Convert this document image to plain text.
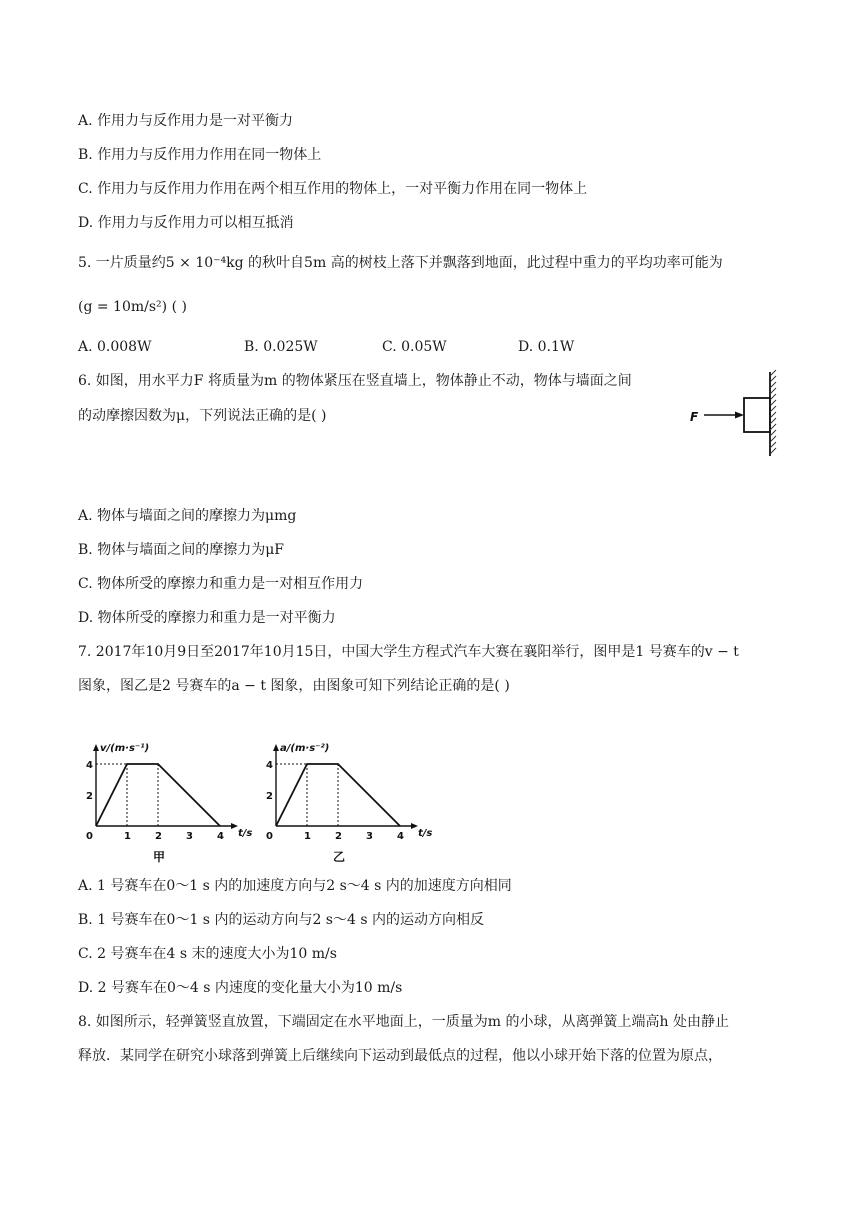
A. 作用力与反作用力是一对平衡力
B. 作用力与反作用力作用在同一物体上
C. 作用力与反作用力作用在两个相互作用的物体上，一对平衡力作用在同一物体上
D. 作用力与反作用力可以相互抵消
5. 一片质量约5 × 10⁻⁴kg 的秋叶自5m 高的树枝上落下并飘落到地面，此过程中重力的平均功率可能为
(g = 10m/s²) ( )
A. 0.008W	B. 0.025W	C. 0.05W	D. 0.1W
6. 如图，用水平力F 将质量为m 的物体紧压在竖直墙上，物体静止不动，物体与墙面之间
的动摩擦因数为μ，下列说法正确的是( )	F
A. 物体与墙面之间的摩擦力为μmg
B. 物体与墙面之间的摩擦力为μF
C. 物体所受的摩擦力和重力是一对相互作用力
D. 物体所受的摩擦力和重力是一对平衡力
7. 2017年10月9日至2017年10月15日，中国大学生方程式汽车大赛在襄阳举行，图甲是1 号赛车的v − t
图象，图乙是2 号赛车的a − t 图象，由图象可知下列结论正确的是( )
0	1 2 3 4
2
4
v/(m·s⁻¹)
t/s
甲
0	1 2 3 4
2
4
a/(m·s⁻²)
t/s
乙
A. 1 号赛车在0～1 s 内的加速度方向与2 s～4 s 内的加速度方向相同
B. 1 号赛车在0～1 s 内的运动方向与2 s～4 s 内的运动方向相反
C. 2 号赛车在4 s 末的速度大小为10 m/s
D. 2 号赛车在0～4 s 内速度的变化量大小为10 m/s
8. 如图所示，轻弹簧竖直放置，下端固定在水平地面上，一质量为m 的小球，从离弹簧上端高h 处由静止
释放．某同学在研究小球落到弹簧上后继续向下运动到最低点的过程，他以小球开始下落的位置为原点，
